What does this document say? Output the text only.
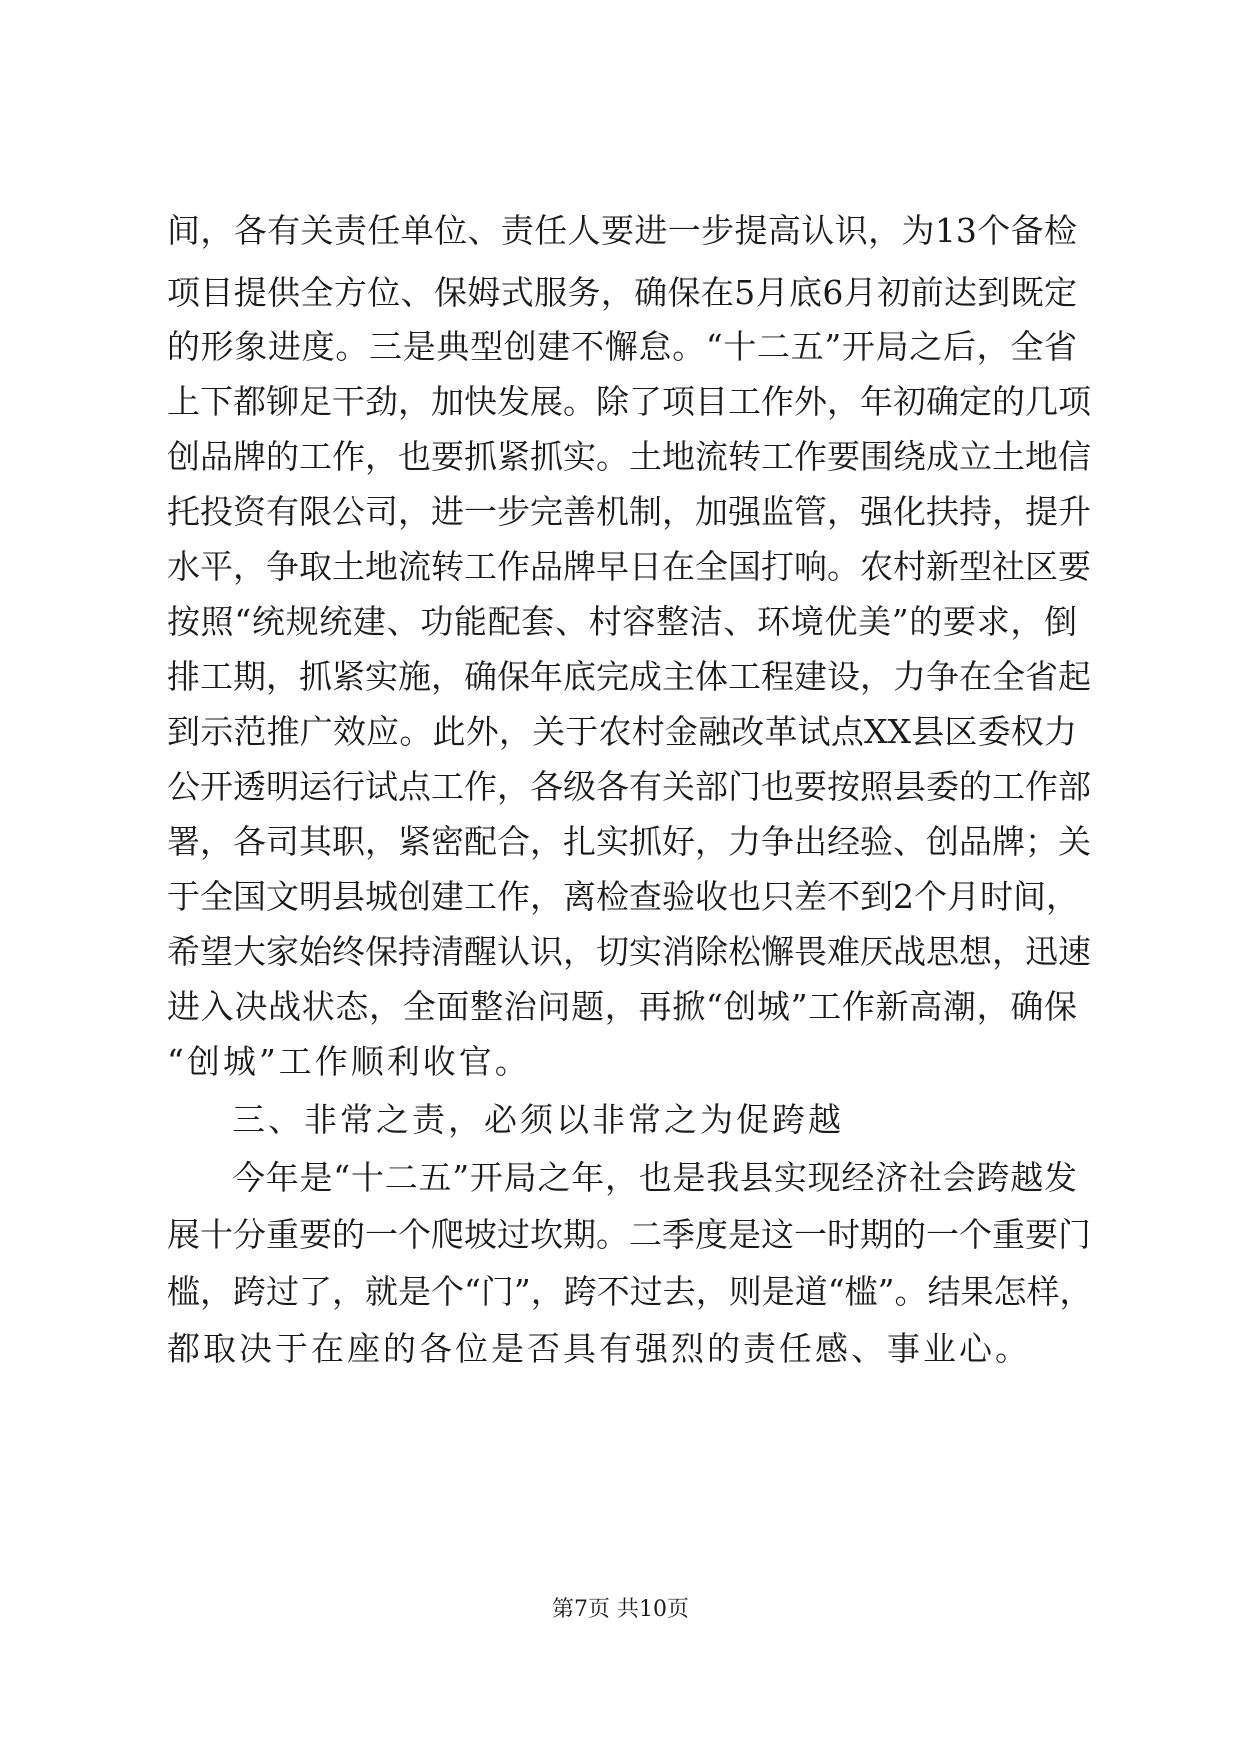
间，各有关责任单位、责任人要进一步提高认识，为13个备检
项目提供全方位、保姆式服务，确保在5月底6月初前达到既定
的形象进度。三是典型创建不懈怠。“十二五”开局之后，全省
上下都铆足干劲，加快发展。除了项目工作外，年初确定的几项
创品牌的工作，也要抓紧抓实。土地流转工作要围绕成立土地信
托投资有限公司，进一步完善机制，加强监管，强化扶持，提升
水平，争取土地流转工作品牌早日在全国打响。农村新型社区要
按照“统规统建、功能配套、村容整洁、环境优美”的要求，倒
排工期，抓紧实施，确保年底完成主体工程建设，力争在全省起
到示范推广效应。此外，关于农村金融改革试点XX县区委权力
公开透明运行试点工作，各级各有关部门也要按照县委的工作部
署，各司其职，紧密配合，扎实抓好，力争出经验、创品牌；关
于全国文明县城创建工作，离检查验收也只差不到2个月时间，
希望大家始终保持清醒认识，切实消除松懈畏难厌战思想，迅速
进入决战状态，全面整治问题，再掀“创城”工作新高潮，确保
“创城”工作顺利收官。
三、非常之责，必须以非常之为促跨越
今年是“十二五”开局之年，也是我县实现经济社会跨越发
展十分重要的一个爬坡过坎期。二季度是这一时期的一个重要门
槛，跨过了，就是个“门”，跨不过去，则是道“槛”。结果怎样，
都取决于在座的各位是否具有强烈的责任感、事业心。
第7页 共10页
